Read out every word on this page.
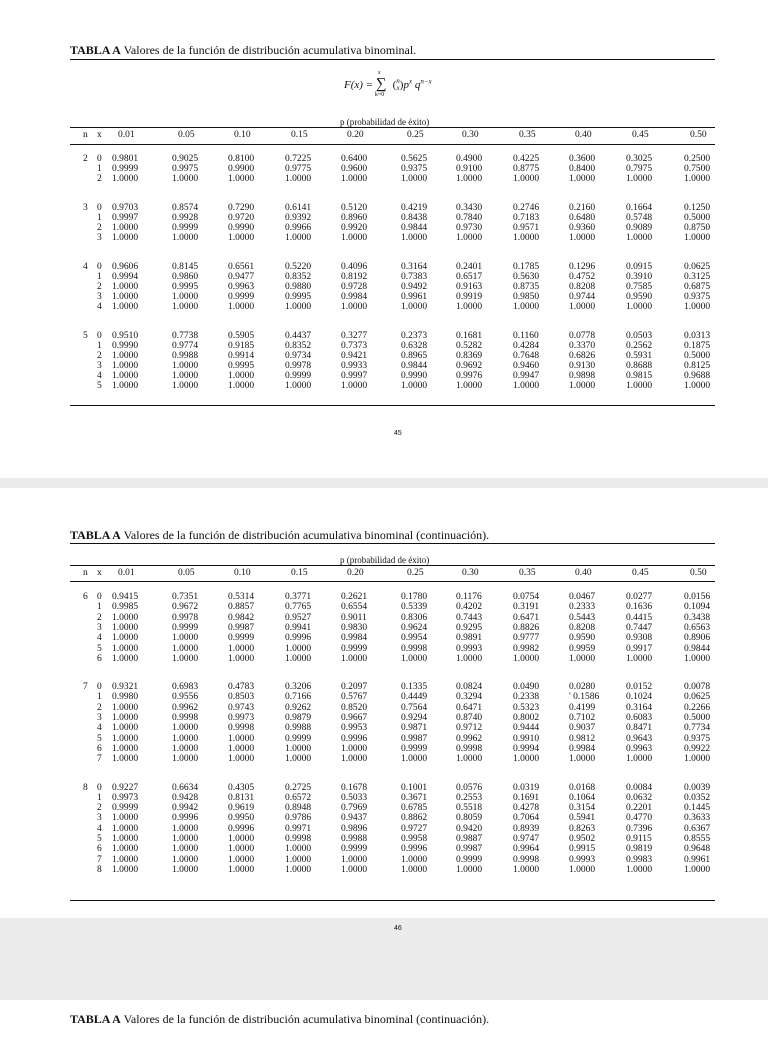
TABLA A Valores de la función de distribución acumulativa binominal.
F(x) = ∑
x
k=0
(n
$x)p^x$ $q^{n-x}$
p (probabilidad de éxito)
n x 0.01	0.05	0.10	0.15	0.20	0.25	0.30	0.35	0.40	0.45	0.50
2 0 0.9801	0.9025	0.8100	0.7225	0.6400	0.5625	0.4900	0.4225	0.3600	0.3025	0.2500
1 0.9999	0.9975	0.9900	0.9775	0.9600	0.9375	0.9100	0.8775	0.8400	0.7975	0.7500
2 1.0000	1.0000	1.0000	1.0000	1.0000	1.0000	1.0000	1.0000	1.0000	1.0000	1.0000
3 0 0.9703	0.8574	0.7290	0.6141	0.5120	0.4219	0.3430	0.2746	0.2160	0.1664	0.1250
1 0.9997	0.9928	0.9720	0.9392	0.8960	0.8438	0.7840	0.7183	0.6480	0.5748	0.5000
2 1.0000	0.9999	0.9990	0.9966	0.9920	0.9844	0.9730	0.9571	0.9360	0.9089	0.8750
3 1.0000	1.0000	1.0000	1.0000	1.0000	1.0000	1.0000	1.0000	1.0000	1.0000	1.0000
4 0 0.9606	0.8145	0.6561	0.5220	0.4096	0.3164	0.2401	0.1785	0.1296	0.0915	0.0625
1 0.9994	0.9860	0.9477	0.8352	0.8192	0.7383	0.6517	0.5630	0.4752	0.3910	0.3125
2 1.0000	0.9995	0.9963	0.9880	0.9728	0.9492	0.9163	0.8735	0.8208	0.7585	0.6875
3 1.0000	1.0000	0.9999	0.9995	0.9984	0.9961	0.9919	0.9850	0.9744	0.9590	0.9375
4 1.0000	1.0000	1.0000	1.0000	1.0000	1.0000	1.0000	1.0000	1.0000	1.0000	1.0000
5 0 0.9510	0.7738	0.5905	0.4437	0.3277	0.2373	0.1681	0.1160	0.0778	0.0503	0.0313
1 0.9990	0.9774	0.9185	0.8352	0.7373	0.6328	0.5282	0.4284	0.3370	0.2562	0.1875
2 1.0000	0.9988	0.9914	0.9734	0.9421	0.8965	0.8369	0.7648	0.6826	0.5931	0.5000
3 1.0000	1.0000	0.9995	0.9978	0.9933	0.9844	0.9692	0.9460	0.9130	0.8688	0.8125
4 1.0000	1.0000	1.0000	0.9999	0.9997	0.9990	0.9976	0.9947	0.9898	0.9815	0.9688
5 1.0000	1.0000	1.0000	1.0000	1.0000	1.0000	1.0000	1.0000	1.0000	1.0000	1.0000
45
TABLA A Valores de la función de distribución acumulativa binominal (continuación).
p (probabilidad de éxito)
n x 0.01	0.05	0.10	0.15	0.20	0.25	0.30	0.35	0.40	0.45	0.50
6 0 0.9415	0.7351	0.5314	0.3771	0.2621	0.1780	0.1176	0.0754	0.0467	0.0277	0.0156
1 0.9985	0.9672	0.8857	0.7765	0.6554	0.5339	0.4202	0.3191	0.2333	0.1636	0.1094
2 1.0000	0.9978	0.9842	0.9527	0.9011	0.8306	0.7443	0.6471	0.5443	0.4415	0.3438
3 1.0000	0.9999	0.9987	0.9941	0.9830	0.9624	0.9295	0.8826	0.8208	0.7447	0.6563
4 1.0000	1.0000	0.9999	0.9996	0.9984	0.9954	0.9891	0.9777	0.9590	0.9308	0.8906
5 1.0000	1.0000	1.0000	1.0000	0.9999	0.9998	0.9993	0.9982	0.9959	0.9917	0.9844
6 1.0000	1.0000	1.0000	1.0000	1.0000	1.0000	1.0000	1.0000	1.0000	1.0000	1.0000
7 0 0.9321	0.6983	0.4783	0.3206	0.2097	0.1335	0.0824	0.0490	0.0280	0.0152	0.0078
1 0.9980	0.9556	0.8503	0.7166	0.5767	0.4449	0.3294	0.2338	' 0.1586	0.1024	0.0625
2 1.0000	0.9962	0.9743	0.9262	0.8520	0.7564	0.6471	0.5323	0.4199	0.3164	0.2266
3 1.0000	0.9998	0.9973	0.9879	0.9667	0.9294	0.8740	0.8002	0.7102	0.6083	0.5000
4 1.0000	1.0000	0.9998	0.9988	0.9953	0.9871	0.9712	0.9444	0.9037	0.8471	0.7734
5 1.0000	1.0000	1.0000	0.9999	0.9996	0.9987	0.9962	0.9910	0.9812	0.9643	0.9375
6 1.0000	1.0000	1.0000	1.0000	1.0000	0.9999	0.9998	0.9994	0.9984	0.9963	0.9922
7 1.0000	1.0000	1.0000	1.0000	1.0000	1.0000	1.0000	1.0000	1.0000	1.0000	1.0000
8 0 0.9227	0.6634	0.4305	0.2725	0.1678	0.1001	0.0576	0.0319	0.0168	0.0084	0.0039
1 0.9973	0.9428	0.8131	0.6572	0.5033	0.3671	0.2553	0.1691	0.1064	0.0632	0.0352
2 0.9999	0.9942	0.9619	0.8948	0.7969	0.6785	0.5518	0.4278	0.3154	0.2201	0.1445
3 1.0000	0.9996	0.9950	0.9786	0.9437	0.8862	0.8059	0.7064	0.5941	0.4770	0.3633
4 1.0000	1.0000	0.9996	0.9971	0.9896	0.9727	0.9420	0.8939	0.8263	0.7396	0.6367
5 1.0000	1.0000	1.0000	0.9998	0.9988	0.9958	0.9887	0.9747	0.9502	0.9115	0.8555
6 1.0000	1.0000	1.0000	1.0000	0.9999	0.9996	0.9987	0.9964	0.9915	0.9819	0.9648
7 1.0000	1.0000	1.0000	1.0000	1.0000	1.0000	0.9999	0.9998	0.9993	0.9983	0.9961
8 1.0000	1.0000	1.0000	1.0000	1.0000	1.0000	1.0000	1.0000	1.0000	1.0000	1.0000
46
TABLA A Valores de la función de distribución acumulativa binominal (continuación).
